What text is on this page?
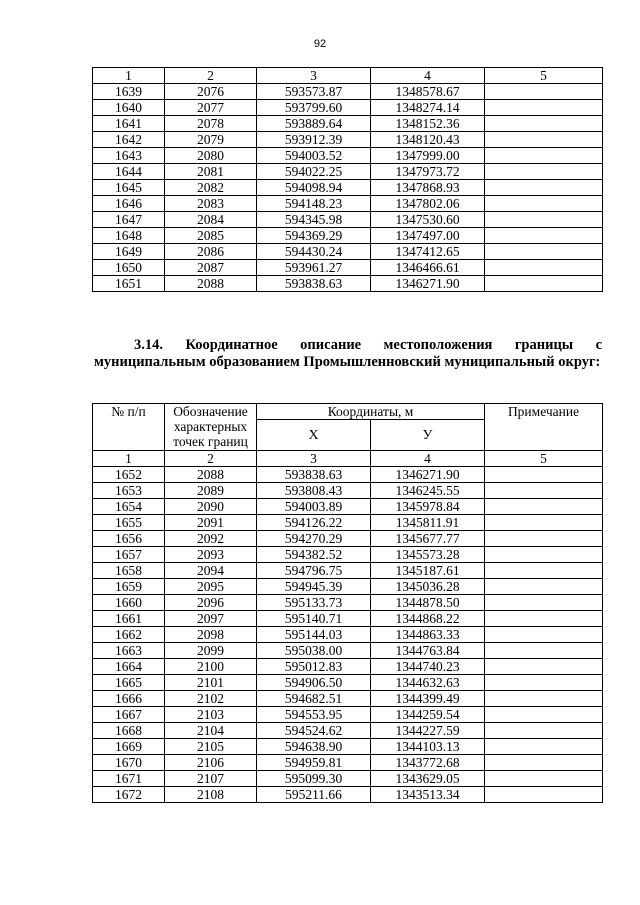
92
1	2	3	4	5
1639	2076	593573.87	1348578.67	
1640	2077	593799.60	1348274.14	
1641	2078	593889.64	1348152.36	
1642	2079	593912.39	1348120.43	
1643	2080	594003.52	1347999.00	
1644	2081	594022.25	1347973.72	
1645	2082	594098.94	1347868.93	
1646	2083	594148.23	1347802.06	
1647	2084	594345.98	1347530.60	
1648	2085	594369.29	1347497.00	
1649	2086	594430.24	1347412.65	
1650	2087	593961.27	1346466.61	
1651	2088	593838.63	1346271.90	

3.14. Координатное описание местоположения границы с муниципальным образованием Промышленновский муниципальный округ:

№ п/п	Обозначение характерных точек границ	Координаты, м		Примечание
		Х	У	
1	2	3	4	5
1652	2088	593838.63	1346271.90	
1653	2089	593808.43	1346245.55	
1654	2090	594003.89	1345978.84	
1655	2091	594126.22	1345811.91	
1656	2092	594270.29	1345677.77	
1657	2093	594382.52	1345573.28	
1658	2094	594796.75	1345187.61	
1659	2095	594945.39	1345036.28	
1660	2096	595133.73	1344878.50	
1661	2097	595140.71	1344868.22	
1662	2098	595144.03	1344863.33	
1663	2099	595038.00	1344763.84	
1664	2100	595012.83	1344740.23	
1665	2101	594906.50	1344632.63	
1666	2102	594682.51	1344399.49	
1667	2103	594553.95	1344259.54	
1668	2104	594524.62	1344227.59	
1669	2105	594638.90	1344103.13	
1670	2106	594959.81	1343772.68	
1671	2107	595099.30	1343629.05	
1672	2108	595211.66	1343513.34	
